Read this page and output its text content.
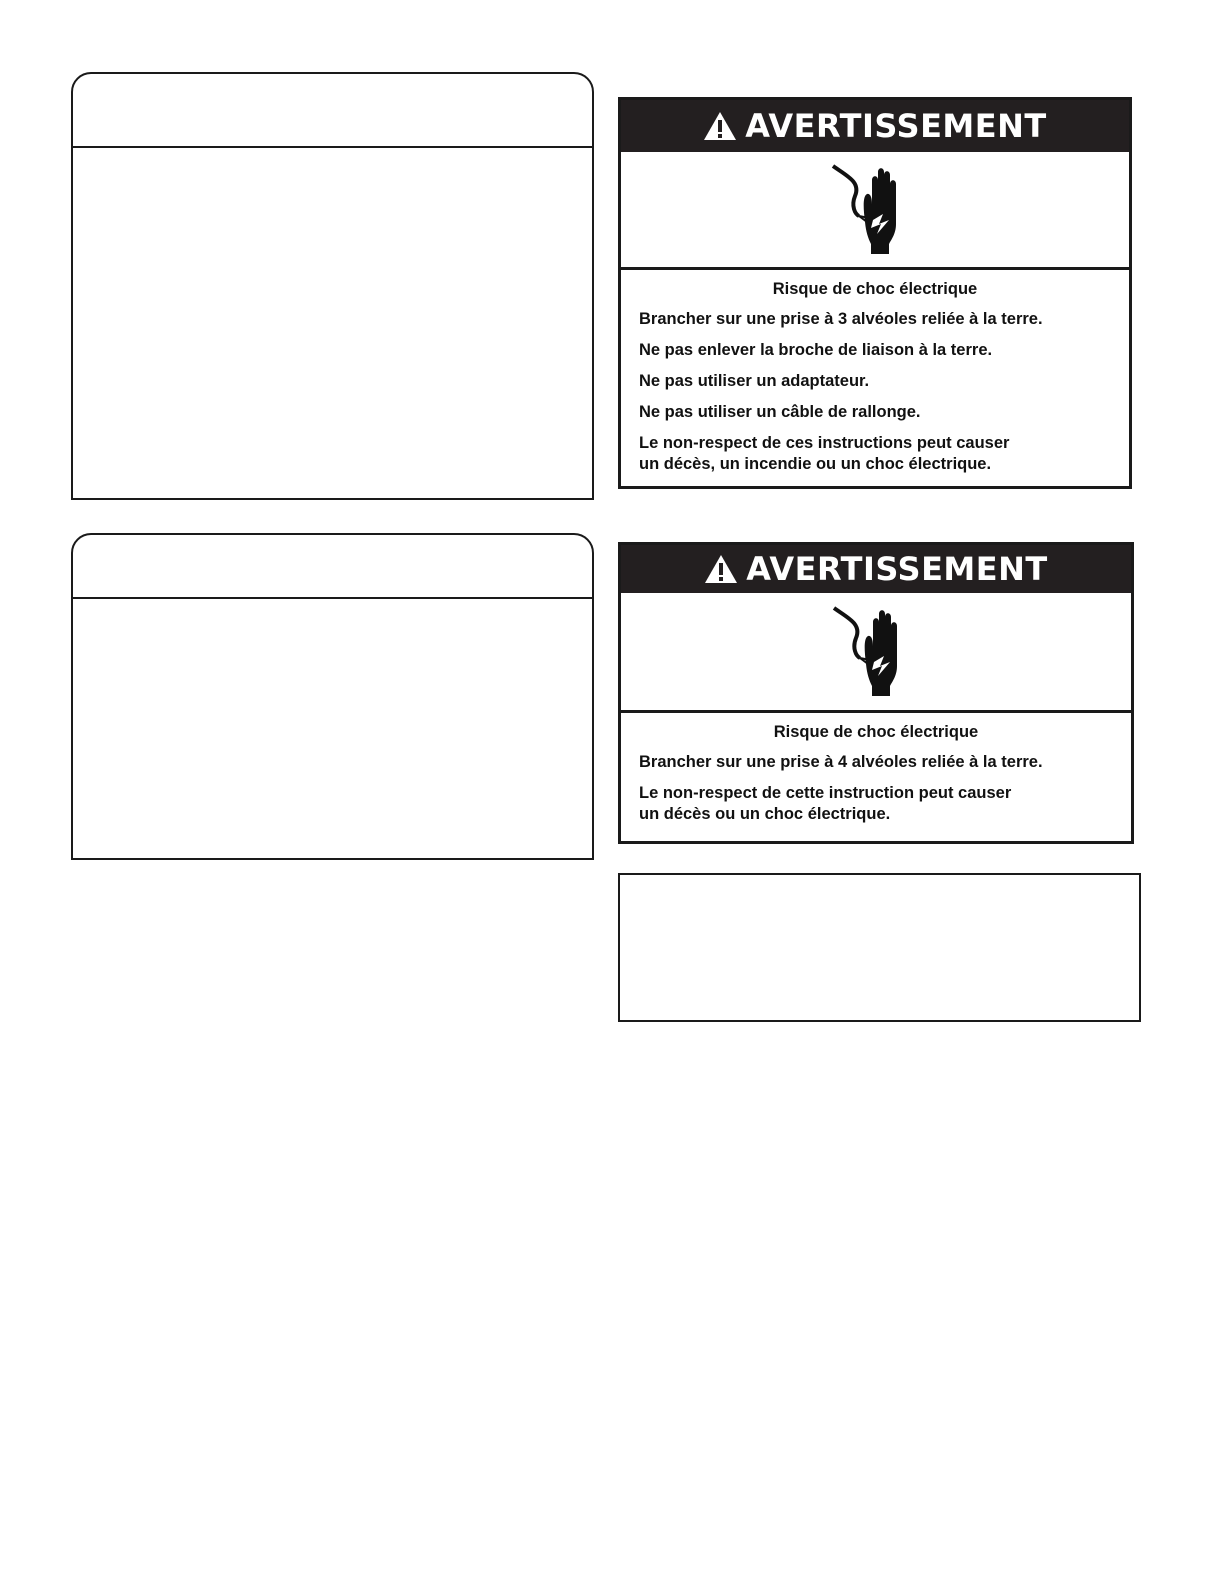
AVERTISSEMENT
Risque de choc électrique
Brancher sur une prise à 3 alvéoles reliée à la terre.
Ne pas enlever la broche de liaison à la terre.
Ne pas utiliser un adaptateur.
Ne pas utiliser un câble de rallonge.
Le non-respect de ces instructions peut causer
un décès, un incendie ou un choc électrique.
AVERTISSEMENT
Risque de choc électrique
Brancher sur une prise à 4 alvéoles reliée à la terre.
Le non-respect de cette instruction peut causer
un décès ou un choc électrique.
